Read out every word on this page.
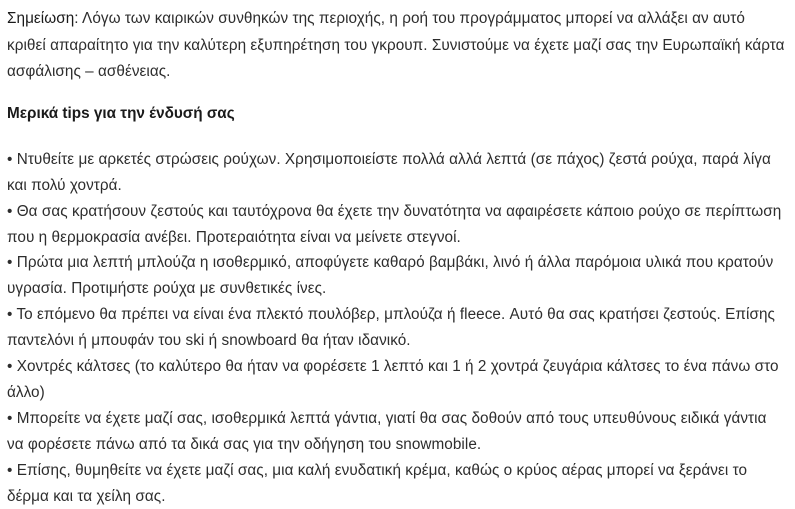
Σημείωση: Λόγω των καιρικών συνθηκών της περιοχής, η ροή του προγράμματος μπορεί να αλλάξει αν αυτό κριθεί απαραίτητο για την καλύτερη εξυπηρέτηση του γκρουπ. Συνιστούμε να έχετε μαζί σας την Ευρωπαϊκή κάρτα ασφάλισης – ασθένειας.

Μερικά tips για την ένδυσή σας

• Ντυθείτε με αρκετές στρώσεις ρούχων. Χρησιμοποιείστε πολλά αλλά λεπτά (σε πάχος) ζεστά ρούχα, παρά λίγα και πολύ χοντρά.
• Θα σας κρατήσουν ζεστούς και ταυτόχρονα θα έχετε την δυνατότητα να αφαιρέσετε κάποιο ρούχο σε περίπτωση που η θερμοκρασία ανέβει. Προτεραιότητα είναι να μείνετε στεγνοί.
• Πρώτα μια λεπτή μπλούζα η ισοθερμικό, αποφύγετε καθαρό βαμβάκι, λινό ή άλλα παρόμοια υλικά που κρατούν υγρασία. Προτιμήστε ρούχα με συνθετικές ίνες.
• Το επόμενο θα πρέπει να είναι ένα πλεκτό πουλόβερ, μπλούζα ή fleece. Αυτό θα σας κρατήσει ζεστούς. Επίσης παντελόνι ή μπουφάν του ski ή snowboard θα ήταν ιδανικό.
• Χοντρές κάλτσες (το καλύτερο θα ήταν να φορέσετε 1 λεπτό και 1 ή 2 χοντρά ζευγάρια κάλτσες το ένα πάνω στο άλλο)
• Μπορείτε να έχετε μαζί σας, ισοθερμικά λεπτά γάντια, γιατί θα σας δοθούν από τους υπευθύνους ειδικά γάντια να φορέσετε πάνω από τα δικά σας για την οδήγηση του snowmobile.
• Επίσης, θυμηθείτε να έχετε μαζί σας, μια καλή ενυδατική κρέμα, καθώς ο κρύος αέρας μπορεί να ξεράνει το δέρμα και τα χείλη σας.
